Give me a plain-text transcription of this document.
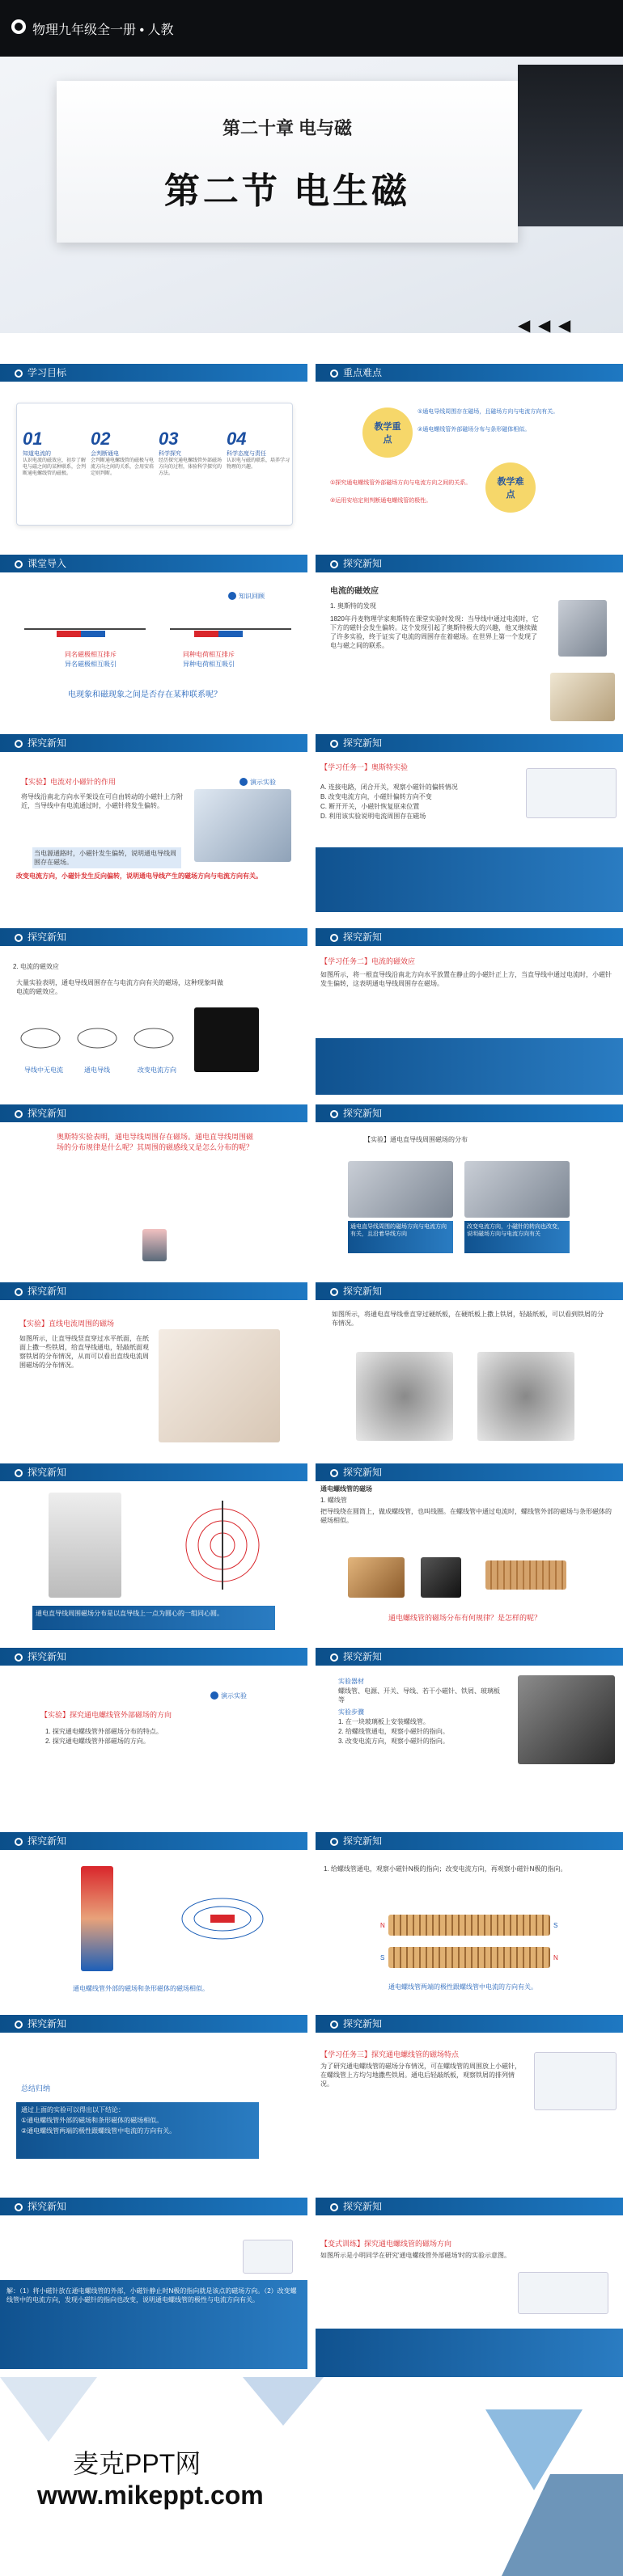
物理九年级全一册 • 人教
第二十章 电与磁
第二节 电生磁
◀ ◀ ◀
学习目标	重点难点
01
知道电流的
认识电流的磁效应，初步了解电与磁之间的某种联系，会判断通电螺线管的磁极。
02
会判断通电
会判断通电螺线管的磁极与电流方向之间的关系，会用安培定则判断。
03
科学探究
经历探究通电螺线管外部磁场方向的过程，体验科学探究的方法。
04
科学态度与责任
认识电与磁的联系，培养学习物理的兴趣。
教学重点
教学难点
①通电导线周围存在磁场，且磁场方向与电流方向有关。
②通电螺线管外部磁场分布与条形磁体相似。
①探究通电螺线管外部磁场方向与电流方向之间的关系。
②运用安培定则判断通电螺线管的极性。
课堂导入	探究新知
知识回顾
同名磁极相互排斥
异名磁极相互吸引
同种电荷相互排斥
异种电荷相互吸引
电现象和磁现象之间是否存在某种联系呢？
电流的磁效应
1. 奥斯特的发现
1820年丹麦物理学家奥斯特在课堂实验时发现：当导线中通过电流时，它下方的磁针会发生偏转。这个发现引起了奥斯特极大的兴趣，他又继续做了许多实验，终于证实了电流的周围存在着磁场。在世界上第一个发现了电与磁之间的联系。
探究新知	探究新知
【实验】电流对小磁针的作用	演示实验
将导线沿南北方向水平架设在可自由转动的小磁针上方附近，当导线中有电流通过时，小磁针将发生偏转。
当电源通路时，小磁针发生偏转，说明通电导线周围存在磁场。
改变电流方向，小磁针发生反向偏转，说明通电导线产生的磁场方向与电流方向有关。
【学习任务一】奥斯特实验
A. 连接电路，闭合开关，观察小磁针的偏转情况
B. 改变电流方向，小磁针偏转方向不变
C. 断开开关，小磁针恢复原来位置
D. 利用该实验说明电流周围存在磁场
探究新知	探究新知
2. 电流的磁效应
大量实验表明，通电导线周围存在与电流方向有关的磁场，这种现象叫做电流的磁效应。
导线中无电流	通电导线	改变电流方向
【学习任务二】电流的磁效应
如图所示，将一根直导线沿南北方向水平放置在静止的小磁针正上方，当直导线中通过电流时，小磁针发生偏转，这表明通电导线周围存在磁场。
探究新知	探究新知
奥斯特实验表明，通电导线周围存在磁场。通电直导线周围磁场的分布规律是什么呢？其周围的磁感线又是怎么分布的呢？
【实验】通电直导线周围磁场的分布
通电直导线周围的磁场方向与电流方向有关，且沿着导线方向
改变电流方向，小磁针的转向也改变，说明磁场方向与电流方向有关
探究新知	探究新知
【实验】直线电流周围的磁场
如图所示，让直导线竖直穿过水平纸面，在纸面上撒一些铁屑，给直导线通电，轻敲纸面观察铁屑的分布情况，从而可以看出直线电流周围磁场的分布情况。
如图所示，将通电直导线垂直穿过硬纸板，在硬纸板上撒上铁屑，轻敲纸板，可以看到铁屑的分布情况。
探究新知	探究新知
通电直导线周围磁场分布是以直导线上一点为圆心的一组同心圆。
通电螺线管的磁场
1. 螺线管
把导线绕在圆筒上，做成螺线管，也叫线圈。在螺线管中通过电流时，螺线管外部的磁场与条形磁体的磁场相似。
通电螺线管的磁场分布有何规律？是怎样的呢？
探究新知	探究新知
演示实验
【实验】探究通电螺线管外部磁场的方向
1. 探究通电螺线管外部磁场分布的特点。
2. 探究通电螺线管外部磁场的方向。
实验器材
螺线管、电源、开关、导线、若干小磁针、铁屑、玻璃板等
实验步骤
1. 在一块玻璃板上安装螺线管。
2. 给螺线管通电，观察小磁针的指向。
3. 改变电流方向，观察小磁针的指向。
探究新知	探究新知
通电螺线管外部的磁场和条形磁体的磁场相似。
1. 给螺线管通电，观察小磁针N极的指向；改变电流方向，再观察小磁针N极的指向。
N	S
S	N
通电螺线管两端的极性跟螺线管中电流的方向有关。
探究新知	探究新知
总结归纳
通过上面的实验可以得出以下结论：
①通电螺线管外部的磁场和条形磁体的磁场相似。
②通电螺线管两端的极性跟螺线管中电流的方向有关。
【学习任务三】探究通电螺线管的磁场特点
为了研究通电螺线管的磁场分布情况，可在螺线管的周围放上小磁针，在螺线管上方均匀地撒些铁屑。通电后轻敲纸板，观察铁屑的排列情况。
探究新知	探究新知
解：（1）将小磁针放在通电螺线管的外部，小磁针静止时N极的指向就是该点的磁场方向。（2）改变螺线管中的电流方向，发现小磁针的指向也改变，说明通电螺线管的极性与电流方向有关。
【变式训练】探究通电螺线管的磁场方向
如图所示是小明同学在研究'通电螺线管外部磁场'时的实验示意图。
麦克PPT网
www.mikeppt.com
